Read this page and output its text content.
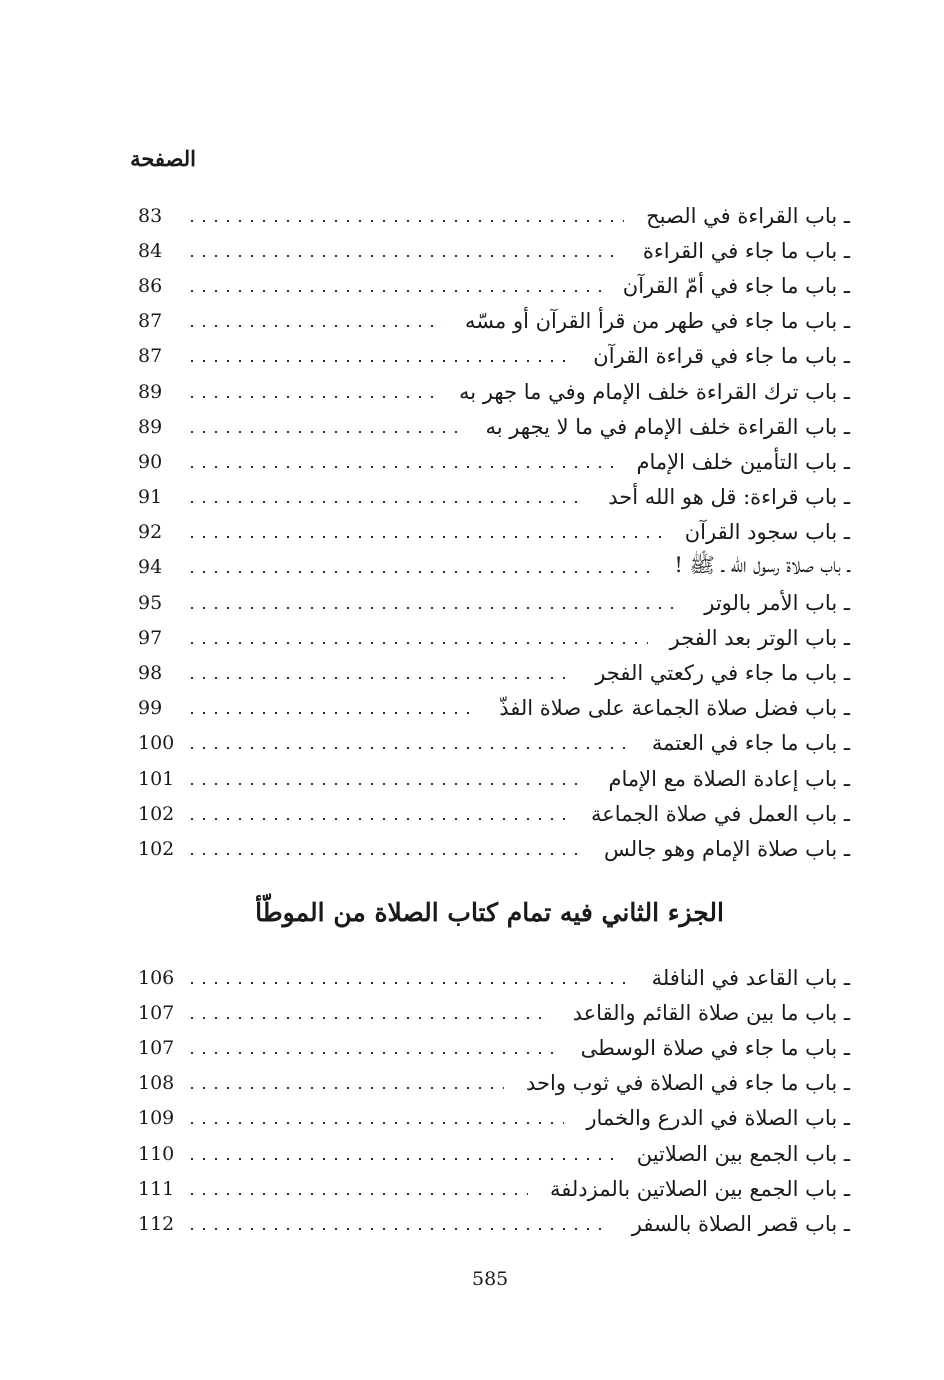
الصفحة
ـ باب القراءة في الصبح
83
ـ باب ما جاء في القراءة
84
ـ باب ما جاء في أمّ القرآن
86
ـ باب ما جاء في طهر من قرأ القرآن أو مسّه
87
ـ باب ما جاء في قراءة القرآن
87
ـ باب ترك القراءة خلف الإمام وفي ما جهر به
89
ـ باب القراءة خلف الإمام في ما لا يجهر به
89
ـ باب التأمين خلف الإمام
90
ـ باب قراءة: قل هو الله أحد
91
ـ باب سجود القرآن
92
ـ باب صلاة رسول الله ـ ﷺ !
94
ـ باب الأمر بالوتر
95
ـ باب الوتر بعد الفجر
97
ـ باب ما جاء في ركعتي الفجر
98
ـ باب فضل صلاة الجماعة على صلاة الفذّ
99
ـ باب ما جاء في العتمة
100
ـ باب إعادة الصلاة مع الإمام
101
ـ باب العمل في صلاة الجماعة
102
ـ باب صلاة الإمام وهو جالس
102
الجزء الثاني فيه تمام كتاب الصلاة من الموطّأ
ـ باب القاعد في النافلة
106
ـ باب ما بين صلاة القائم والقاعد
107
ـ باب ما جاء في صلاة الوسطى
107
ـ باب ما جاء في الصلاة في ثوب واحد
108
ـ باب الصلاة في الدرع والخمار
109
ـ باب الجمع بين الصلاتين
110
ـ باب الجمع بين الصلاتين بالمزدلفة
111
ـ باب قصر الصلاة بالسفر
112
585
